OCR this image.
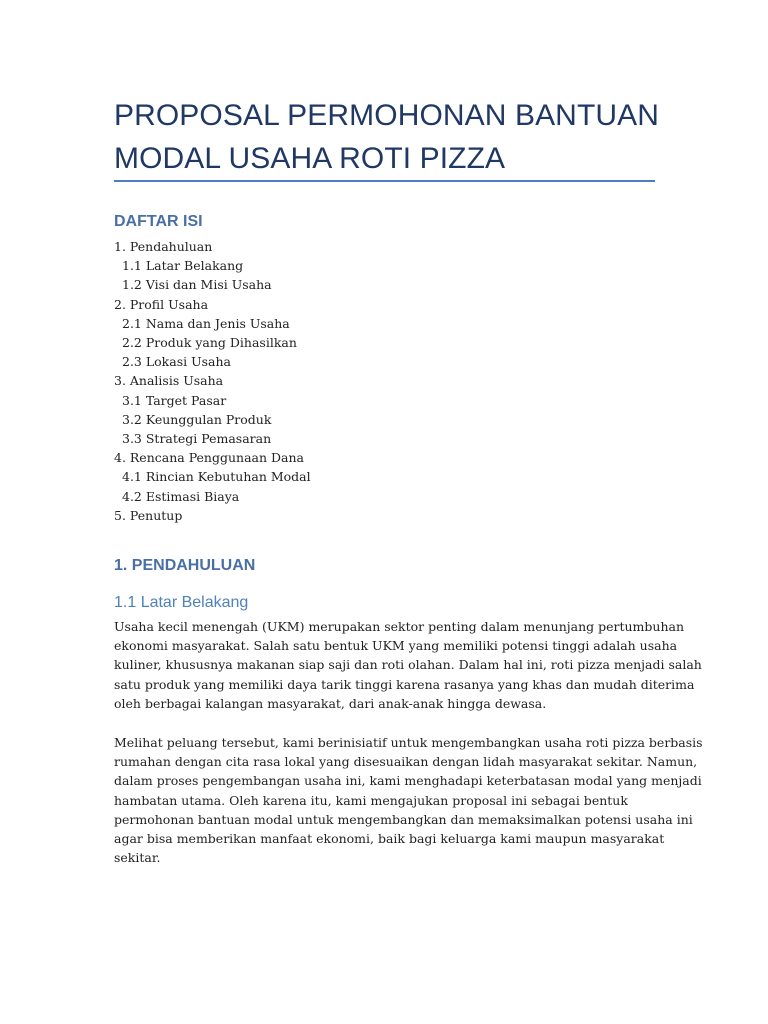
PROPOSAL PERMOHONAN BANTUAN
MODAL USAHA ROTI PIZZA
DAFTAR ISI
1. Pendahuluan
1.1 Latar Belakang
1.2 Visi dan Misi Usaha
2. Profil Usaha
2.1 Nama dan Jenis Usaha
2.2 Produk yang Dihasilkan
2.3 Lokasi Usaha
3. Analisis Usaha
3.1 Target Pasar
3.2 Keunggulan Produk
3.3 Strategi Pemasaran
4. Rencana Penggunaan Dana
4.1 Rincian Kebutuhan Modal
4.2 Estimasi Biaya
5. Penutup
1. PENDAHULUAN
1.1 Latar Belakang

Usaha kecil menengah (UKM) merupakan sektor penting dalam menunjang pertumbuhan
ekonomi masyarakat. Salah satu bentuk UKM yang memiliki potensi tinggi adalah usaha
kuliner, khususnya makanan siap saji dan roti olahan. Dalam hal ini, roti pizza menjadi salah
satu produk yang memiliki daya tarik tinggi karena rasanya yang khas dan mudah diterima
oleh berbagai kalangan masyarakat, dari anak-anak hingga dewasa.

Melihat peluang tersebut, kami berinisiatif untuk mengembangkan usaha roti pizza berbasis
rumahan dengan cita rasa lokal yang disesuaikan dengan lidah masyarakat sekitar. Namun,
dalam proses pengembangan usaha ini, kami menghadapi keterbatasan modal yang menjadi
hambatan utama. Oleh karena itu, kami mengajukan proposal ini sebagai bentuk
permohonan bantuan modal untuk mengembangkan dan memaksimalkan potensi usaha ini
agar bisa memberikan manfaat ekonomi, baik bagi keluarga kami maupun masyarakat
sekitar.
